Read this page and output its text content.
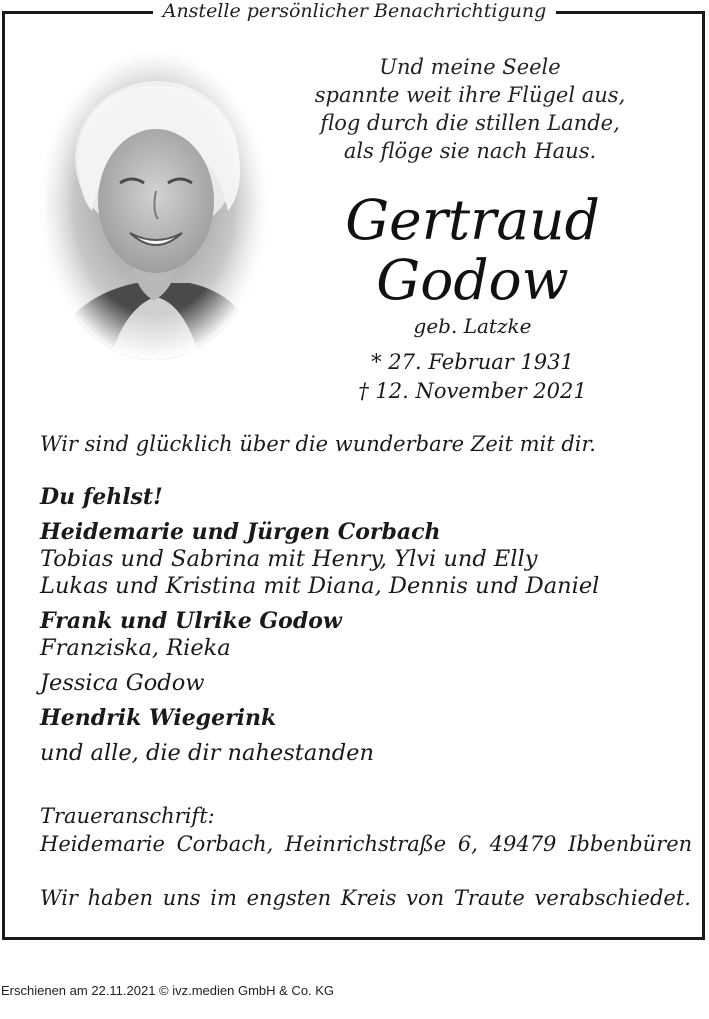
Anstelle persönlicher Benachrichtigung
Und meine Seele
spannte weit ihre Flügel aus,
flog durch die stillen Lande,
als flöge sie nach Haus.
Gertraud
Godow
geb. Latzke
* 27. Februar 1931
† 12. November 2021
Wir sind glücklich über die wunderbare Zeit mit dir.
Du fehlst!
Heidemarie und Jürgen Corbach
Tobias und Sabrina mit Henry, Ylvi und Elly
Lukas und Kristina mit Diana, Dennis und Daniel
Frank und Ulrike Godow
Franziska, Rieka
Jessica Godow
Hendrik Wiegerink
und alle, die dir nahestanden
Traueranschrift:
Heidemarie Corbach, Heinrichstraße 6, 49479 Ibbenbüren
Wir haben uns im engsten Kreis von Traute verabschiedet.
Erschienen am 22.11.2021 © ivz.medien GmbH & Co. KG
